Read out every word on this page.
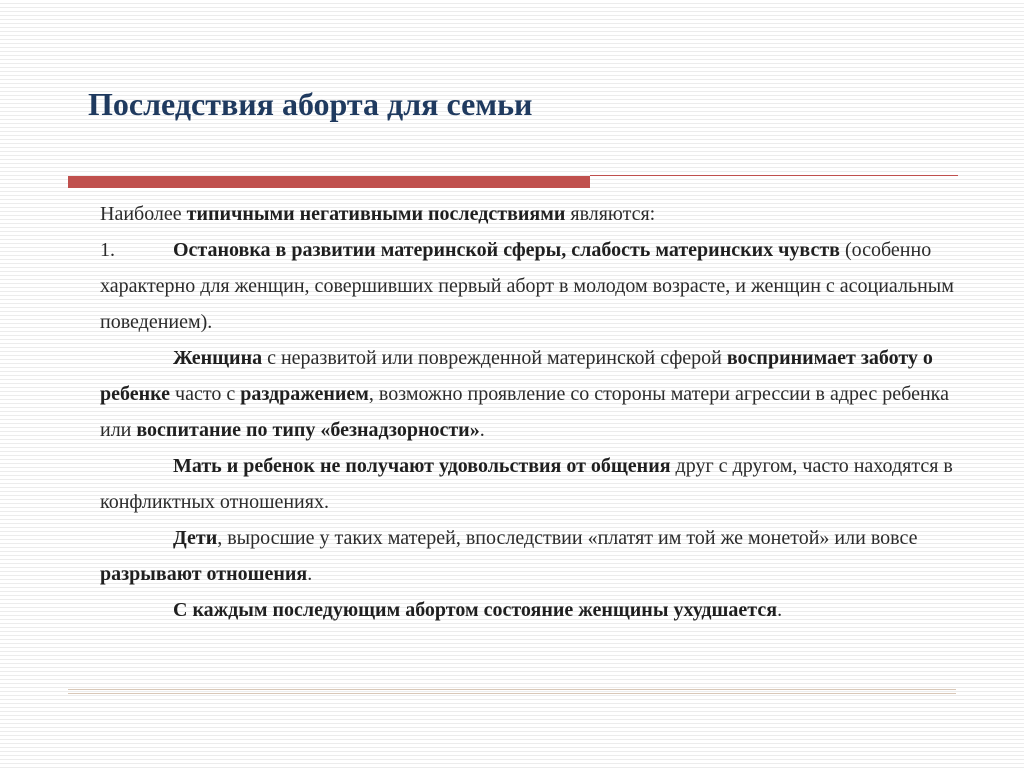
Последствия аборта для семьи

Наиболее типичными негативными последствиями являются:

1.	Остановка в развитии материнской сферы, слабость материнских чувств (особенно характерно для женщин, совершивших первый аборт в молодом возрасте, и женщин с асоциальным поведением).

Женщина с неразвитой или поврежденной материнской сферой воспринимает заботу о ребенке часто с раздражением, возможно проявление со стороны матери агрессии в адрес ребенка или воспитание по типу «безнадзорности».

Мать и ребенок не получают удовольствия от общения друг с другом, часто находятся в конфликтных отношениях.

Дети, выросшие у таких матерей, впоследствии «платят им той же монетой» или вовсе разрывают отношения.

С каждым последующим абортом состояние женщины ухудшается.
